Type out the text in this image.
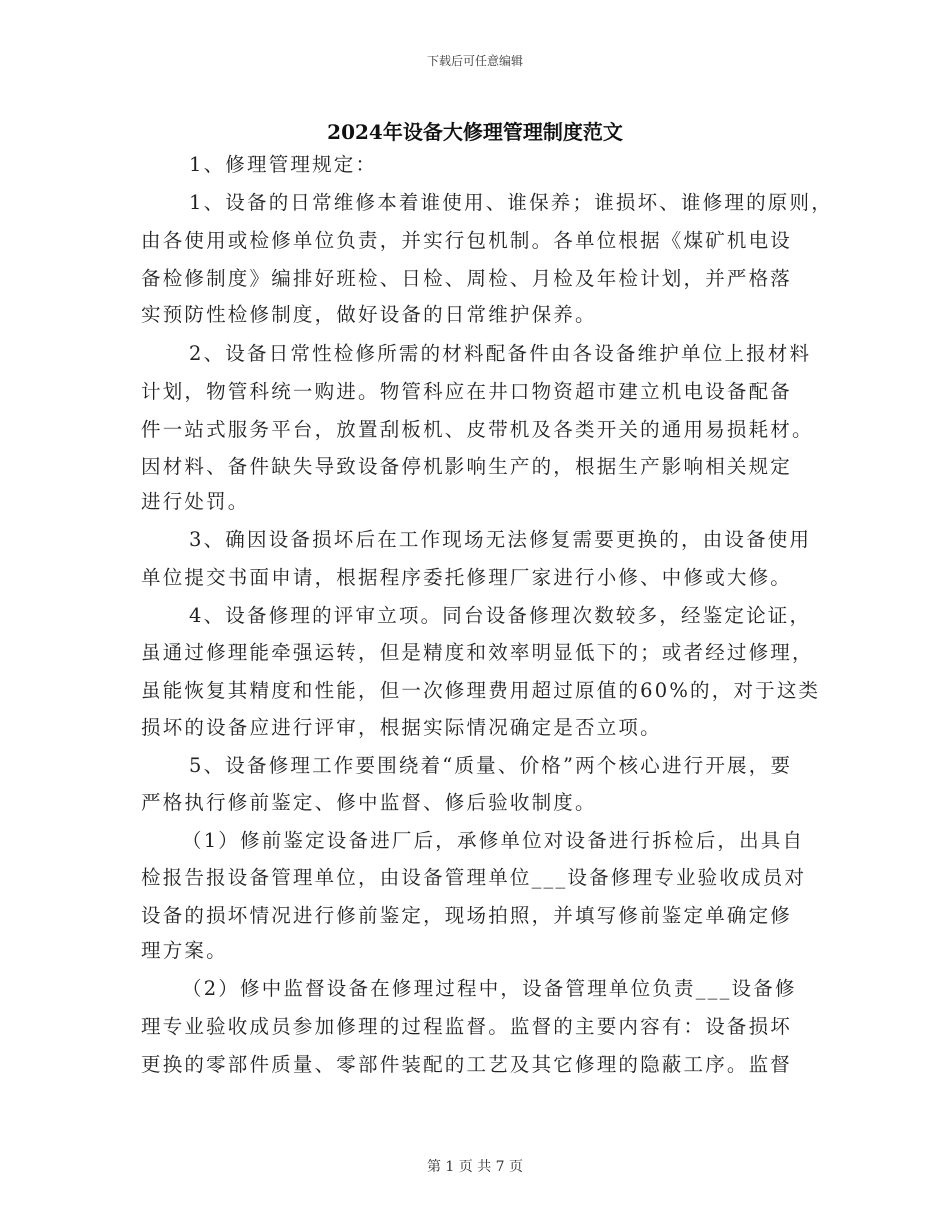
下载后可任意编辑
2024年设备大修理管理制度范文
1、修理管理规定：
1、设备的日常维修本着谁使用、谁保养；谁损坏、谁修理的原则，
由各使用或检修单位负责，并实行包机制。各单位根据《煤矿机电设
备检修制度》编排好班检、日检、周检、月检及年检计划，并严格落
实预防性检修制度，做好设备的日常维护保养。
2、设备日常性检修所需的材料配备件由各设备维护单位上报材料
计划，物管科统一购进。物管科应在井口物资超市建立机电设备配备
件一站式服务平台，放置刮板机、皮带机及各类开关的通用易损耗材。
因材料、备件缺失导致设备停机影响生产的，根据生产影响相关规定
进行处罚。
3、确因设备损坏后在工作现场无法修复需要更换的，由设备使用
单位提交书面申请，根据程序委托修理厂家进行小修、中修或大修。
4、设备修理的评审立项。同台设备修理次数较多，经鉴定论证，
虽通过修理能牵强运转，但是精度和效率明显低下的；或者经过修理，
虽能恢复其精度和性能，但一次修理费用超过原值的60%的，对于这类
损坏的设备应进行评审，根据实际情况确定是否立项。
5、设备修理工作要围绕着“质量、价格”两个核心进行开展，要
严格执行修前鉴定、修中监督、修后验收制度。
（1）修前鉴定设备进厂后，承修单位对设备进行拆检后，出具自
检报告报设备管理单位，由设备管理单位___设备修理专业验收成员对
设备的损坏情况进行修前鉴定，现场拍照，并填写修前鉴定单确定修
理方案。
（2）修中监督设备在修理过程中，设备管理单位负责___设备修
理专业验收成员参加修理的过程监督。监督的主要内容有：设备损坏
更换的零部件质量、零部件装配的工艺及其它修理的隐蔽工序。监督
第 1 页 共 7 页
